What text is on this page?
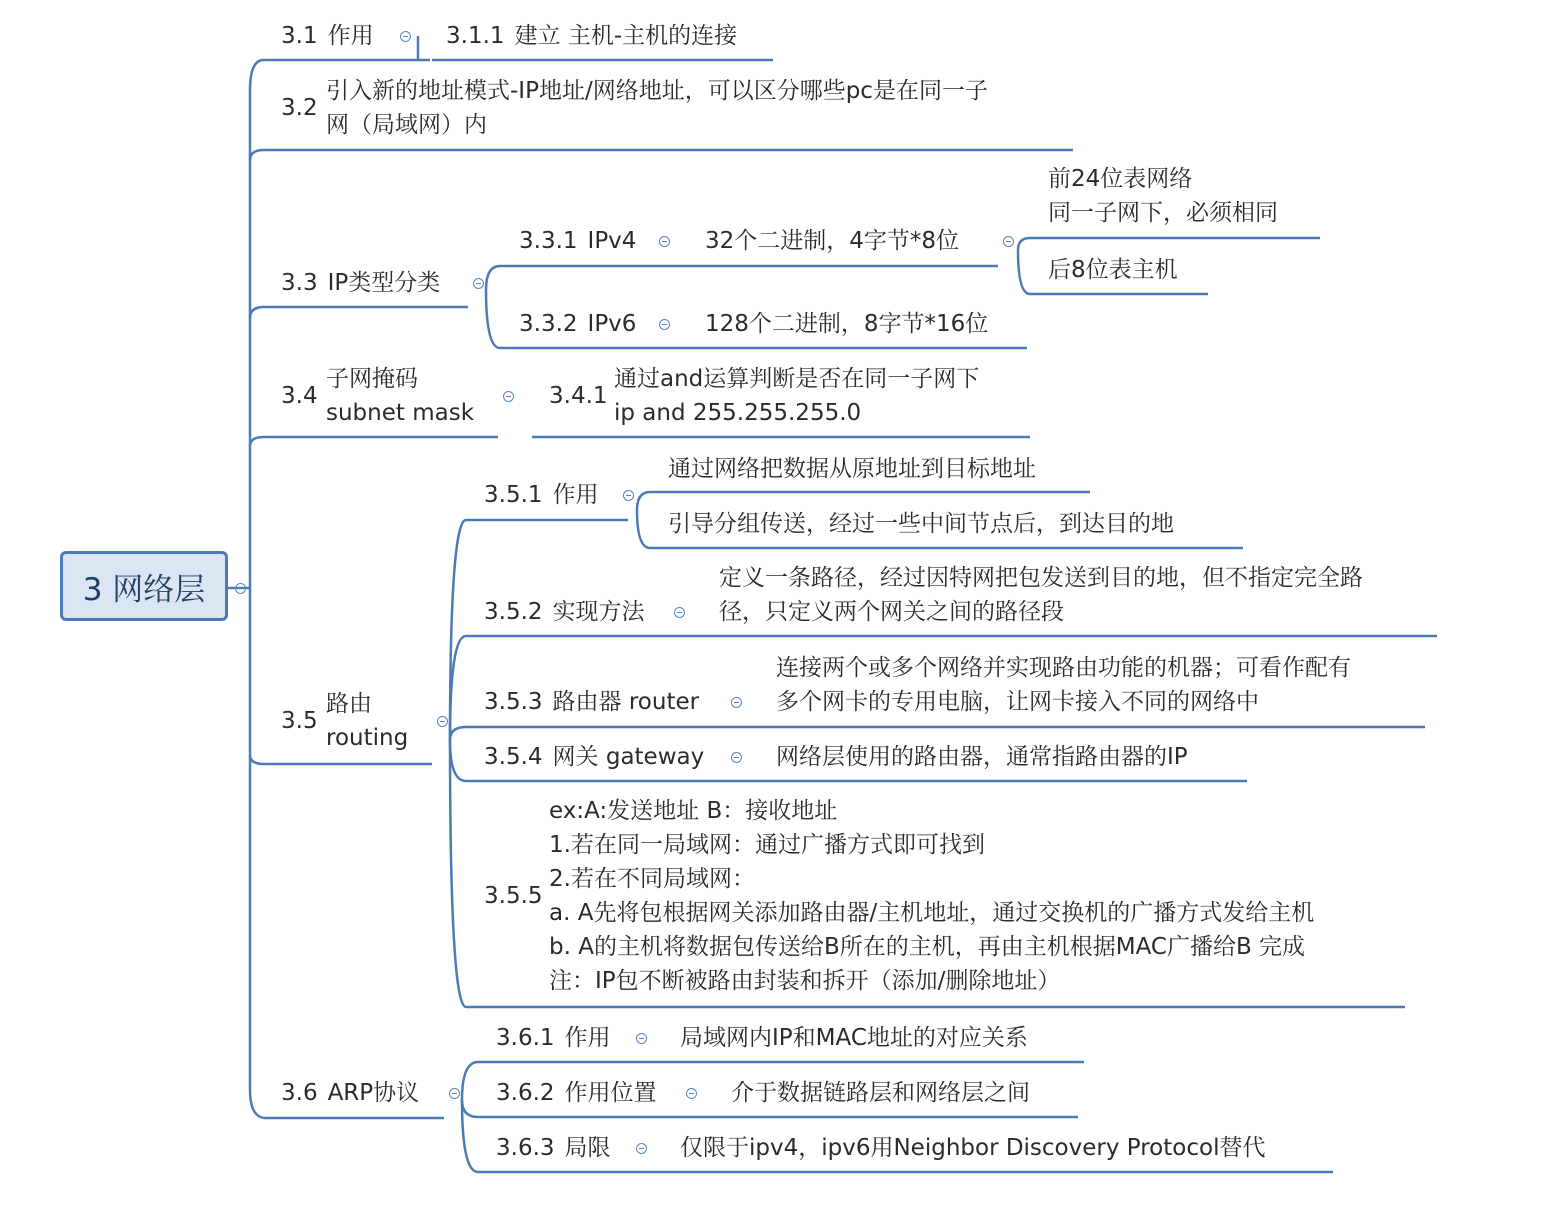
3 网络层
3.1 作用	3.1.1 建立 主机-主机的连接
3.2
引入新的地址模式-IP地址/网络地址，可以区分哪些pc是在同一子
网（局域网）内
3.3 IP类型分类
3.3.1 IPv4	32个二进制，4字节*8位
前24位表网络
同一子网下，必须相同
后8位表主机
3.3.2 IPv6	128个二进制，8字节*16位
3.4
子网掩码
subnet mask
3.4.1
通过and运算判断是否在同一子网下
ip and 255.255.255.0
3.5
路由
routing
3.5.1 作用
通过网络把数据从原地址到目标地址
引导分组传送，经过一些中间节点后，到达目的地
3.5.2 实现方法
定义一条路径，经过因特网把包发送到目的地，但不指定完全路
径，只定义两个网关之间的路径段
3.5.3 路由器 router
连接两个或多个网络并实现路由功能的机器；可看作配有
多个网卡的专用电脑，让网卡接入不同的网络中
3.5.4 网关 gateway	网络层使用的路由器，通常指路由器的IP
3.5.5
ex:A:发送地址 B：接收地址
1.若在同一局域网：通过广播方式即可找到
2.若在不同局域网：
a. A先将包根据网关添加路由器/主机地址，通过交换机的广播方式发给主机
b. A的主机将数据包传送给B所在的主机，再由主机根据MAC广播给B 完成
注：IP包不断被路由封装和拆开（添加/删除地址）
3.6 ARP协议
3.6.1 作用	局域网内IP和MAC地址的对应关系
3.6.2 作用位置	介于数据链路层和网络层之间
3.6.3 局限	仅限于ipv4，ipv6用Neighbor Discovery Protocol替代
